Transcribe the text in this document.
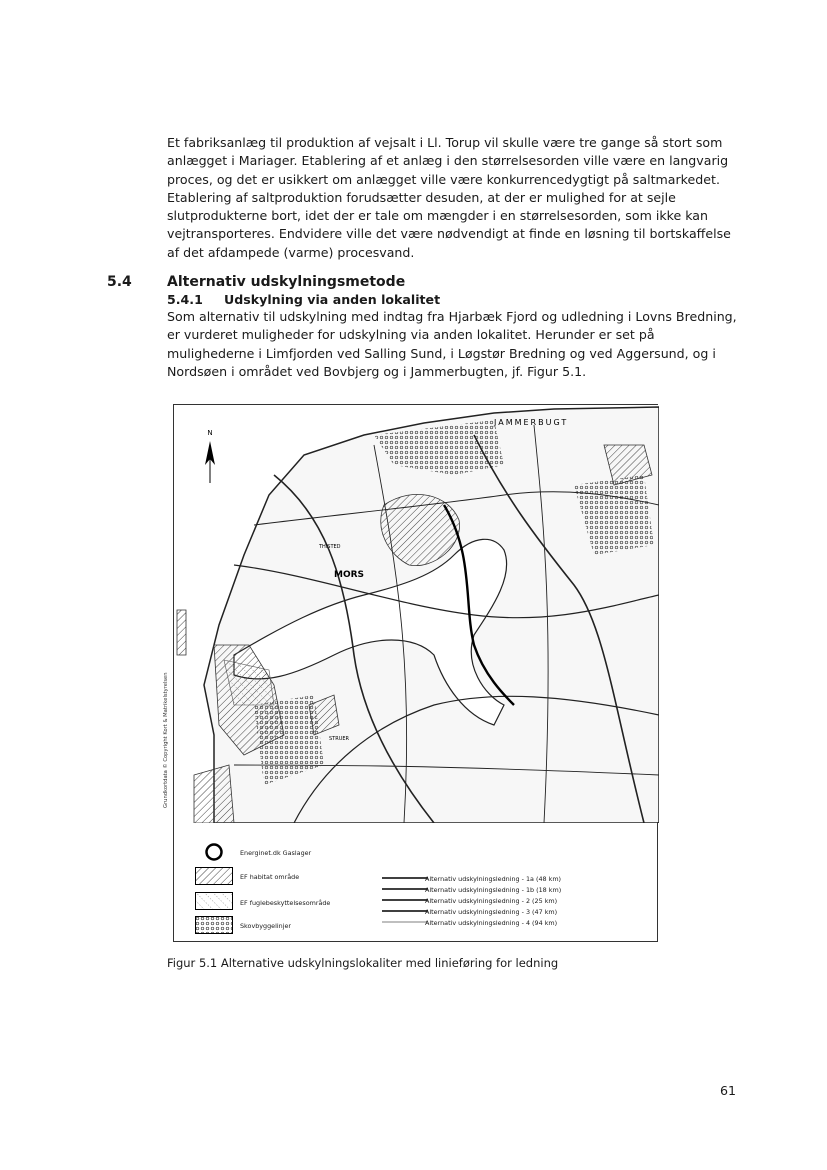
Et fabriksanlæg til produktion af vejsalt i Ll. Torup vil skulle være tre gange så stort som anlægget i Mariager. Etablering af et anlæg i den størrelsesorden ville være en langvarig proces, og det er usikkert om anlægget ville være konkurrencedygtigt på saltmarkedet. Etablering af saltproduktion forudsætter desuden, at der er mulighed for at sejle slutprodukterne bort, idet der er tale om mængder i en størrelsesorden, som ikke kan vejtransporteres. Endvidere ville det være nødvendigt at finde en løsning til bortskaffelse af det afdampede (varme) procesvand.

5.4	Alternativ udskylningsmetode
5.4.1 Udskylning via anden lokalitet

Som alternativ til udskylning med indtag fra Hjarbæk Fjord og udledning i Lovns Bredning, er vurderet muligheder for udskylning via anden lokalitet. Herunder er set på mulighederne i Limfjorden ved Salling Sund, i Løgstør Bredning og ved Aggersund, og i Nordsøen i området ved Bovbjerg og i Jammerbugten, jf. Figur 5.1.

N
JAMMERBUGT
MORS
THISTED
STRUER
Energinet.dk Gaslager
EF habitat område
EF fuglebeskyttelsesområde
Skovbyggelinjer
Alternativ udskylningsledning - 1a (48 km)
Alternativ udskylningsledning - 1b (18 km)
Alternativ udskylningsledning - 2 (25 km)
Alternativ udskylningsledning - 3 (47 km)
Alternativ udskylningsledning - 4 (94 km)
Grundkortdata © Copyright Kort & Matrikelstyrelsen
Figur 5.1 Alternative udskylningslokaliter med linieføring for ledning
61
